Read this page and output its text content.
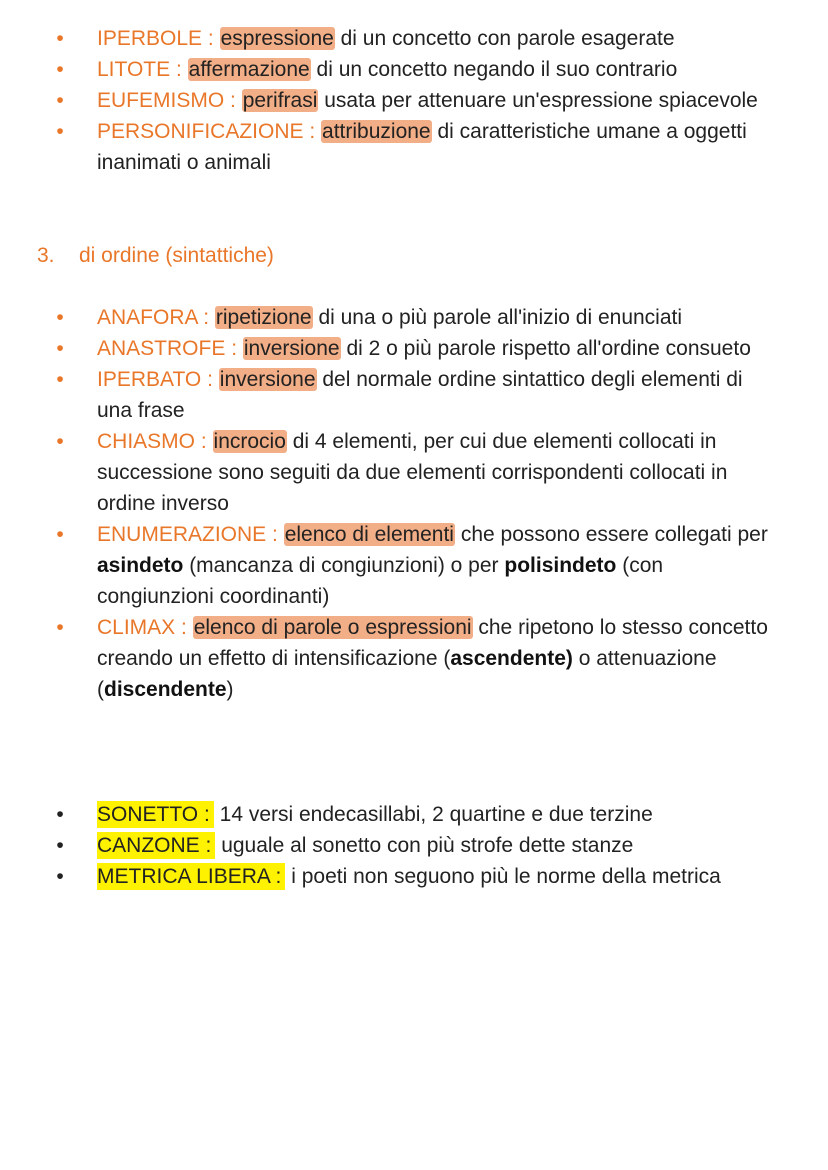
• IPERBOLE : espressione di un concetto con parole esagerate
• LITOTE : affermazione di un concetto negando il suo contrario
• EUFEMISMO : perifrasi usata per attenuare un'espressione spiacevole
• PERSONIFICAZIONE : attribuzione di caratteristiche umane a oggetti inanimati o animali
3. di ordine (sintattiche)
• ANAFORA : ripetizione di una o più parole all'inizio di enunciati
• ANASTROFE : inversione di 2 o più parole rispetto all'ordine consueto
• IPERBATO : inversione del normale ordine sintattico degli elementi di una frase
• CHIASMO : incrocio di 4 elementi, per cui due elementi collocati in successione sono seguiti da due elementi corrispondenti collocati in ordine inverso
• ENUMERAZIONE : elenco di elementi che possono essere collegati per asindeto (mancanza di congiunzioni) o per polisindeto (con congiunzioni coordinanti)
• CLIMAX : elenco di parole o espressioni che ripetono lo stesso concetto creando un effetto di intensificazione (ascendente) o attenuazione (discendente)
• SONETTO : 14 versi endecasillabi, 2 quartine e due terzine
• CANZONE : uguale al sonetto con più strofe dette stanze
• METRICA LIBERA : i poeti non seguono più le norme della metrica
